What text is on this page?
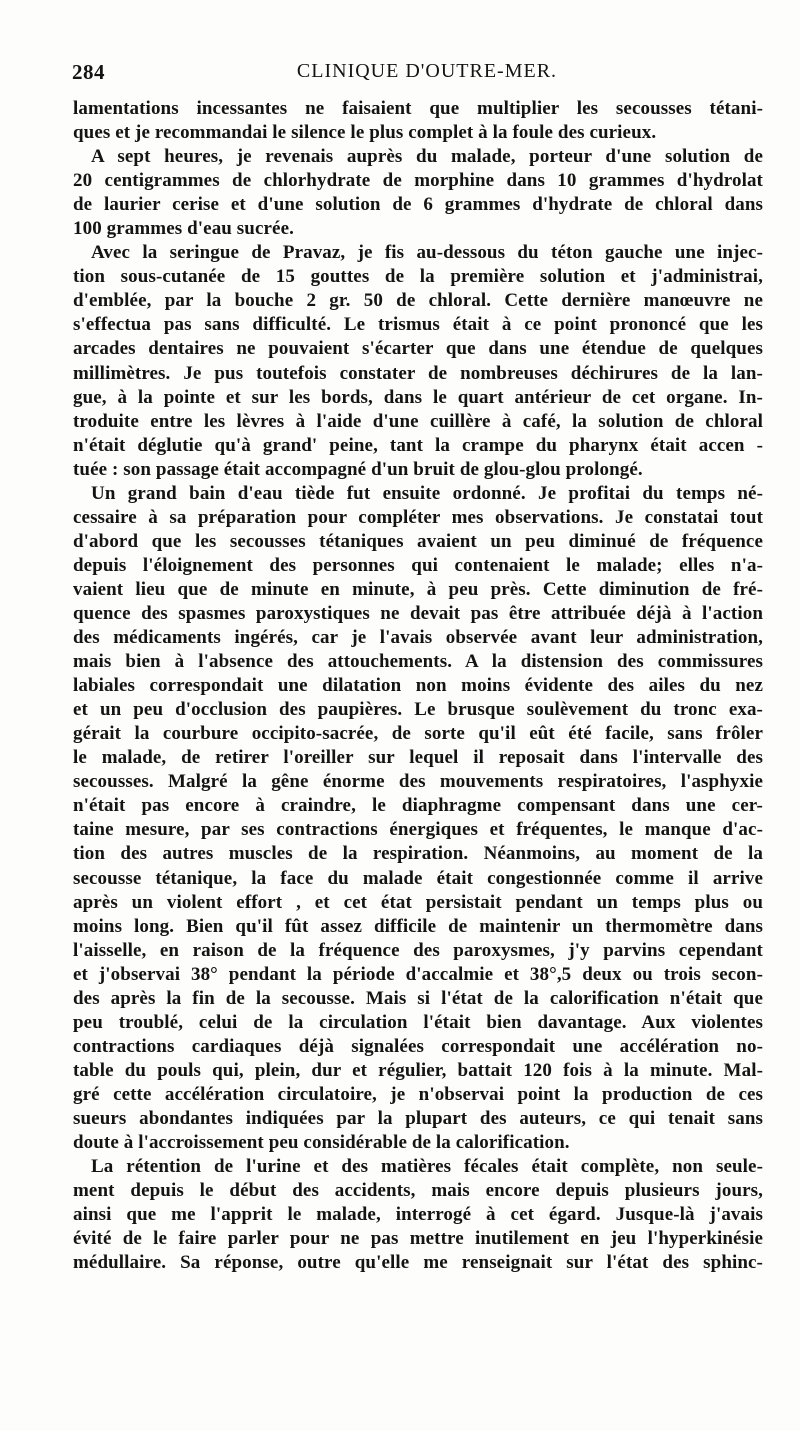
284	CLINIQUE D'OUTRE-MER.
lamentations incessantes ne faisaient que multiplier les secousses tétani-
ques et je recommandai le silence le plus complet à la foule des curieux.
A sept heures, je revenais auprès du malade, porteur d'une solution de
20 centigrammes de chlorhydrate de morphine dans 10 grammes d'hydrolat
de laurier cerise et d'une solution de 6 grammes d'hydrate de chloral dans
100 grammes d'eau sucrée.
Avec la seringue de Pravaz, je fis au-dessous du téton gauche une injec-
tion sous-cutanée de 15 gouttes de la première solution et j'administrai,
d'emblée, par la bouche 2 gr. 50 de chloral. Cette dernière manœuvre ne
s'effectua pas sans difficulté. Le trismus était à ce point prononcé que les
arcades dentaires ne pouvaient s'écarter que dans une étendue de quelques
millimètres. Je pus toutefois constater de nombreuses déchirures de la lan-
gue, à la pointe et sur les bords, dans le quart antérieur de cet organe. In-
troduite entre les lèvres à l'aide d'une cuillère à café, la solution de chloral
n'était déglutie qu'à grand' peine, tant la crampe du pharynx était accen -
tuée : son passage était accompagné d'un bruit de glou-glou prolongé.
Un grand bain d'eau tiède fut ensuite ordonné. Je profitai du temps né-
cessaire à sa préparation pour compléter mes observations. Je constatai tout
d'abord que les secousses tétaniques avaient un peu diminué de fréquence
depuis l'éloignement des personnes qui contenaient le malade; elles n'a-
vaient lieu que de minute en minute, à peu près. Cette diminution de fré-
quence des spasmes paroxystiques ne devait pas être attribuée déjà à l'action
des médicaments ingérés, car je l'avais observée avant leur administration,
mais bien à l'absence des attouchements. A la distension des commissures
labiales correspondait une dilatation non moins évidente des ailes du nez
et un peu d'occlusion des paupières. Le brusque soulèvement du tronc exa-
gérait la courbure occipito-sacrée, de sorte qu'il eût été facile, sans frôler
le malade, de retirer l'oreiller sur lequel il reposait dans l'intervalle des
secousses. Malgré la gêne énorme des mouvements respiratoires, l'asphyxie
n'était pas encore à craindre, le diaphragme compensant dans une cer-
taine mesure, par ses contractions énergiques et fréquentes, le manque d'ac-
tion des autres muscles de la respiration. Néanmoins, au moment de la
secousse tétanique, la face du malade était congestionnée comme il arrive
après un violent effort , et cet état persistait pendant un temps plus ou
moins long. Bien qu'il fût assez difficile de maintenir un thermomètre dans
l'aisselle, en raison de la fréquence des paroxysmes, j'y parvins cependant
et j'observai 38° pendant la période d'accalmie et 38°,5 deux ou trois secon-
des après la fin de la secousse. Mais si l'état de la calorification n'était que
peu troublé, celui de la circulation l'était bien davantage. Aux violentes
contractions cardiaques déjà signalées correspondait une accélération no-
table du pouls qui, plein, dur et régulier, battait 120 fois à la minute. Mal-
gré cette accélération circulatoire, je n'observai point la production de ces
sueurs abondantes indiquées par la plupart des auteurs, ce qui tenait sans
doute à l'accroissement peu considérable de la calorification.
La rétention de l'urine et des matières fécales était complète, non seule-
ment depuis le début des accidents, mais encore depuis plusieurs jours,
ainsi que me l'apprit le malade, interrogé à cet égard. Jusque-là j'avais
évité de le faire parler pour ne pas mettre inutilement en jeu l'hyperkinésie
médullaire. Sa réponse, outre qu'elle me renseignait sur l'état des sphinc-
